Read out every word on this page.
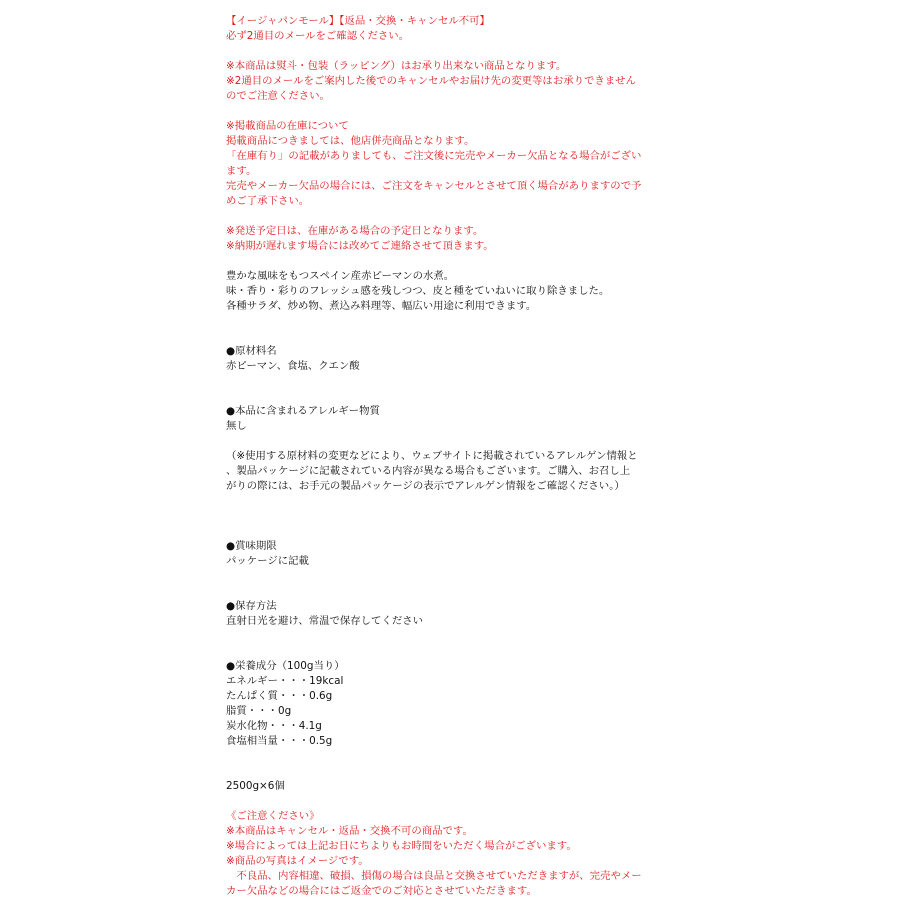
【イージャパンモール】【返品・交換・キャンセル不可】
必ず2通目のメールをご確認ください。
※本商品は熨斗・包装（ラッピング）はお承り出来ない商品となります。
※2通目のメールをご案内した後でのキャンセルやお届け先の変更等はお承りできません
のでご注意ください。
※掲載商品の在庫について
掲載商品につきましては、他店併売商品となります。
「在庫有り」の記載がありましても、ご注文後に完売やメーカー欠品となる場合がござい
ます。
完売やメーカー欠品の場合には、ご注文をキャンセルとさせて頂く場合がありますので予
めご了承下さい。
※発送予定日は、在庫がある場合の予定日となります。
※納期が遅れます場合には改めてご連絡させて頂きます。
豊かな風味をもつスペイン産赤ピーマンの水煮。
味・香り・彩りのフレッシュ感を残しつつ、皮と種をていねいに取り除きました。
各種サラダ、炒め物、煮込み料理等、幅広い用途に利用できます。
●原材料名
赤ピーマン、食塩、クエン酸
●本品に含まれるアレルギー物質
無し
（※使用する原材料の変更などにより、ウェブサイトに掲載されているアレルゲン情報と
、製品パッケージに記載されている内容が異なる場合もございます。ご購入、お召し上
がりの際には、お手元の製品パッケージの表示でアレルゲン情報をご確認ください。）
●賞味期限
パッケージに記載
●保存方法
直射日光を避け、常温で保存してください
●栄養成分（100g当り）
エネルギー・・・19kcal
たんぱく質・・・0.6g
脂質・・・0g
炭水化物・・・4.1g
食塩相当量・・・0.5g
2500g×6個
《ご注意ください》
※本商品はキャンセル・返品・交換不可の商品です。
※場合によっては上記お日にちよりもお時間をいただく場合がございます。
※商品の写真はイメージです。
　不良品、内容相違、破損、損傷の場合は良品と交換させていただきますが、完売やメー
カー欠品などの場合にはご返金でのご対応とさせていただきます。
